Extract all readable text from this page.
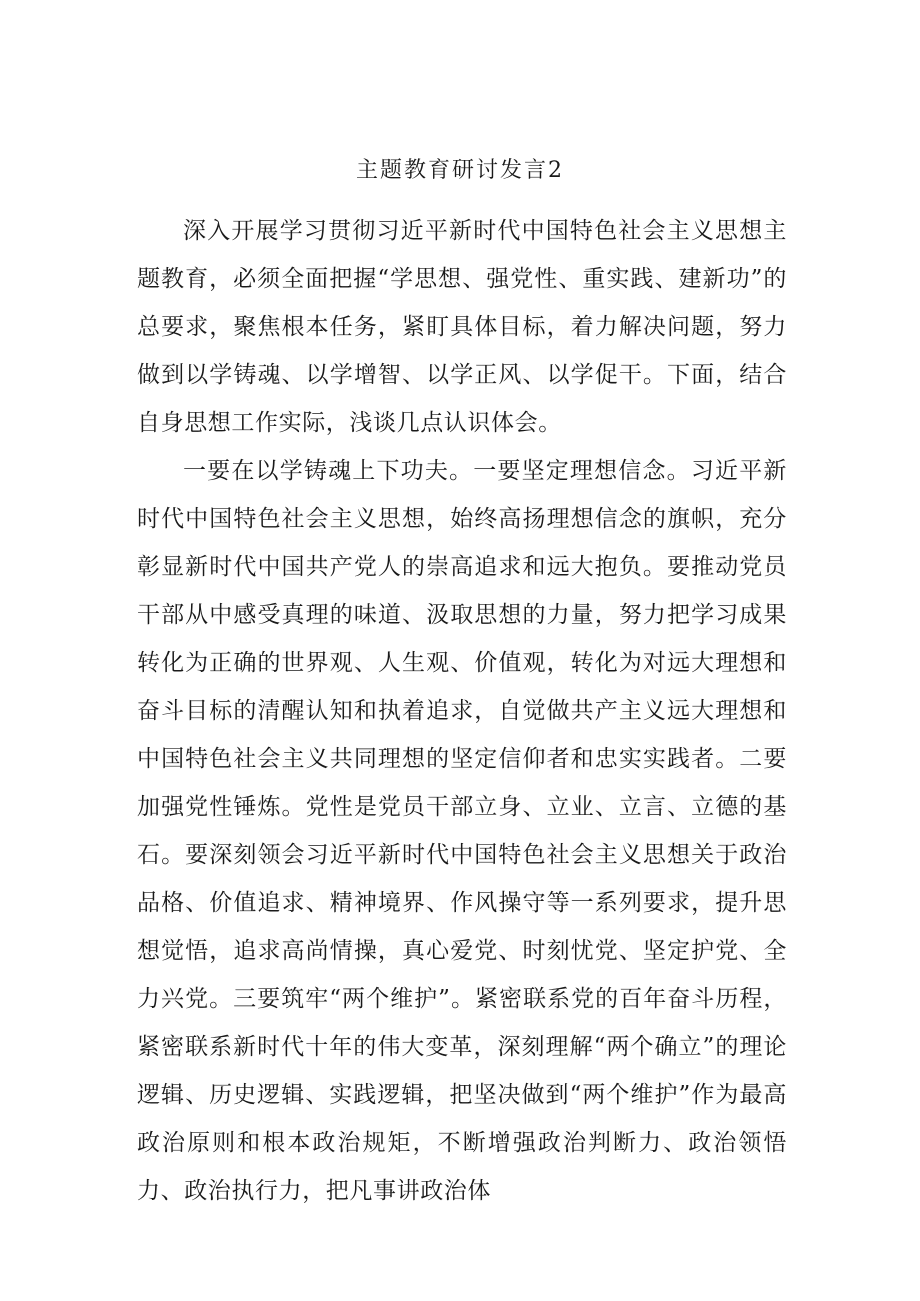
主题教育研讨发言2

深入开展学习贯彻习近平新时代中国特色社会主义思想主题教育，必须全面把握“学思想、强党性、重实践、建新功”的总要求，聚焦根本任务，紧盯具体目标，着力解决问题，努力做到以学铸魂、以学增智、以学正风、以学促干。下面，结合自身思想工作实际，浅谈几点认识体会。

一要在以学铸魂上下功夫。一要坚定理想信念。习近平新时代中国特色社会主义思想，始终高扬理想信念的旗帜，充分彰显新时代中国共产党人的崇高追求和远大抱负。要推动党员干部从中感受真理的味道、汲取思想的力量，努力把学习成果转化为正确的世界观、人生观、价值观，转化为对远大理想和奋斗目标的清醒认知和执着追求，自觉做共产主义远大理想和中国特色社会主义共同理想的坚定信仰者和忠实实践者。二要加强党性锤炼。党性是党员干部立身、立业、立言、立德的基石。要深刻领会习近平新时代中国特色社会主义思想关于政治品格、价值追求、精神境界、作风操守等一系列要求，提升思想觉悟，追求高尚情操，真心爱党、时刻忧党、坚定护党、全力兴党。三要筑牢“两个维护”。紧密联系党的百年奋斗历程，紧密联系新时代十年的伟大变革，深刻理解“两个确立”的理论逻辑、历史逻辑、实践逻辑，把坚决做到“两个维护”作为最高政治原则和根本政治规矩，不断增强政治判断力、政治领悟力、政治执行力，把凡事讲政治体
